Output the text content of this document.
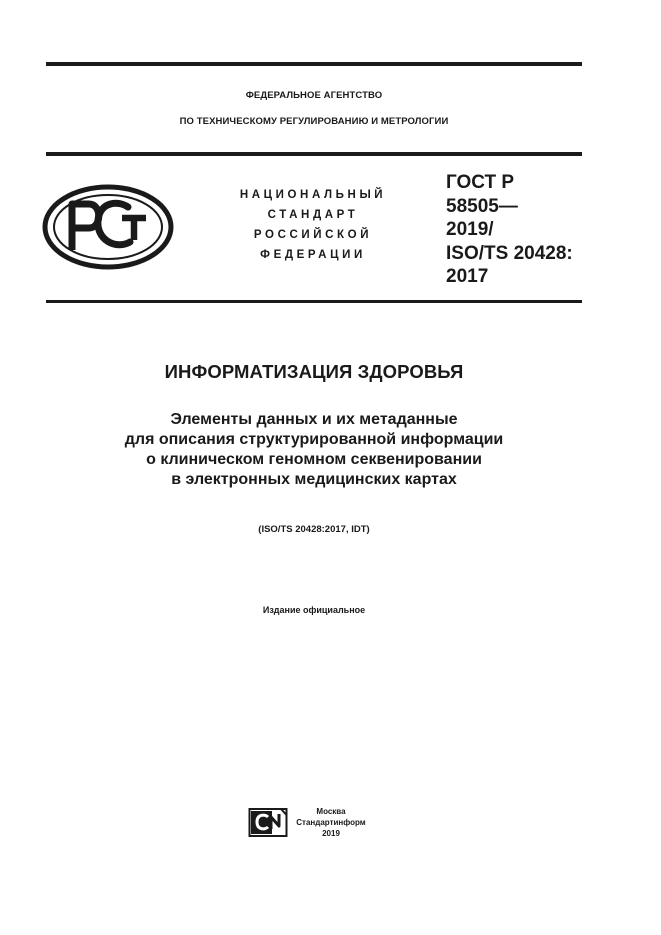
ФЕДЕРАЛЬНОЕ АГЕНТСТВО
ПО ТЕХНИЧЕСКОМУ РЕГУЛИРОВАНИЮ И МЕТРОЛОГИИ
НАЦИОНАЛЬНЫЙ
СТАНДАРТ
РОССИЙСКОЙ
ФЕДЕРАЦИИ
ГОСТ Р
58505—
2019/
ISO/TS 20428:
2017
ИНФОРМАТИЗАЦИЯ ЗДОРОВЬЯ
Элементы данных и их метаданные
для описания структурированной информации
о клиническом геномном секвенировании
в электронных медицинских картах
(ISO/TS 20428:2017, IDT)
Издание официальное
Москва
Стандартинформ
2019
